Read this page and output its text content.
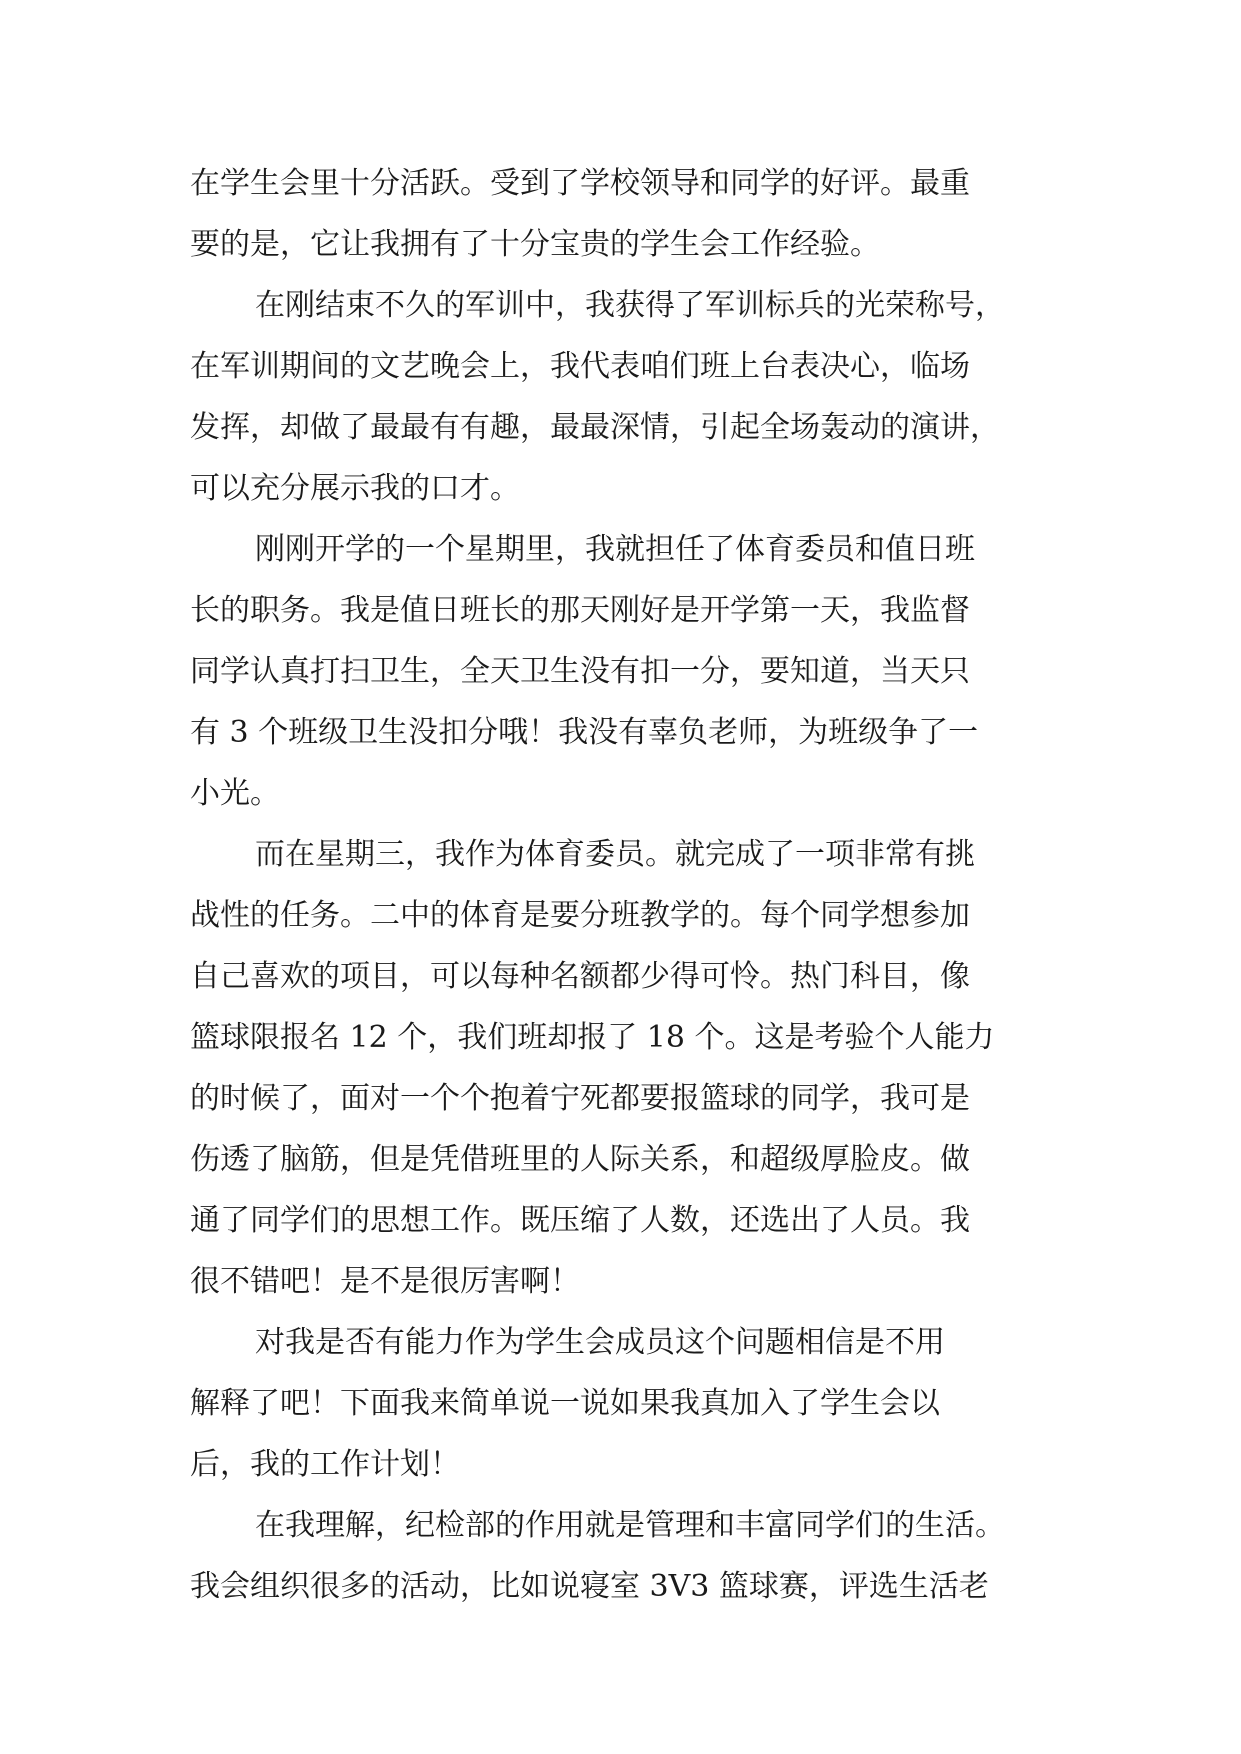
在学生会里十分活跃。受到了学校领导和同学的好评。最重
要的是，它让我拥有了十分宝贵的学生会工作经验。
在刚结束不久的军训中，我获得了军训标兵的光荣称号，
在军训期间的文艺晚会上，我代表咱们班上台表决心，临场
发挥，却做了最最有有趣，最最深情，引起全场轰动的演讲，
可以充分展示我的口才。
刚刚开学的一个星期里，我就担任了体育委员和值日班
长的职务。我是值日班长的那天刚好是开学第一天，我监督
同学认真打扫卫生，全天卫生没有扣一分，要知道，当天只
有 3 个班级卫生没扣分哦！我没有辜负老师，为班级争了一
小光。
而在星期三，我作为体育委员。就完成了一项非常有挑
战性的任务。二中的体育是要分班教学的。每个同学想参加
自己喜欢的项目，可以每种名额都少得可怜。热门科目，像
篮球限报名 12 个，我们班却报了 18 个。这是考验个人能力
的时候了，面对一个个抱着宁死都要报篮球的同学，我可是
伤透了脑筋，但是凭借班里的人际关系，和超级厚脸皮。做
通了同学们的思想工作。既压缩了人数，还选出了人员。我
很不错吧！是不是很厉害啊！
对我是否有能力作为学生会成员这个问题相信是不用
解释了吧！下面我来简单说一说如果我真加入了学生会以
后，我的工作计划！
在我理解，纪检部的作用就是管理和丰富同学们的生活。
我会组织很多的活动，比如说寝室 3V3 篮球赛，评选生活老
